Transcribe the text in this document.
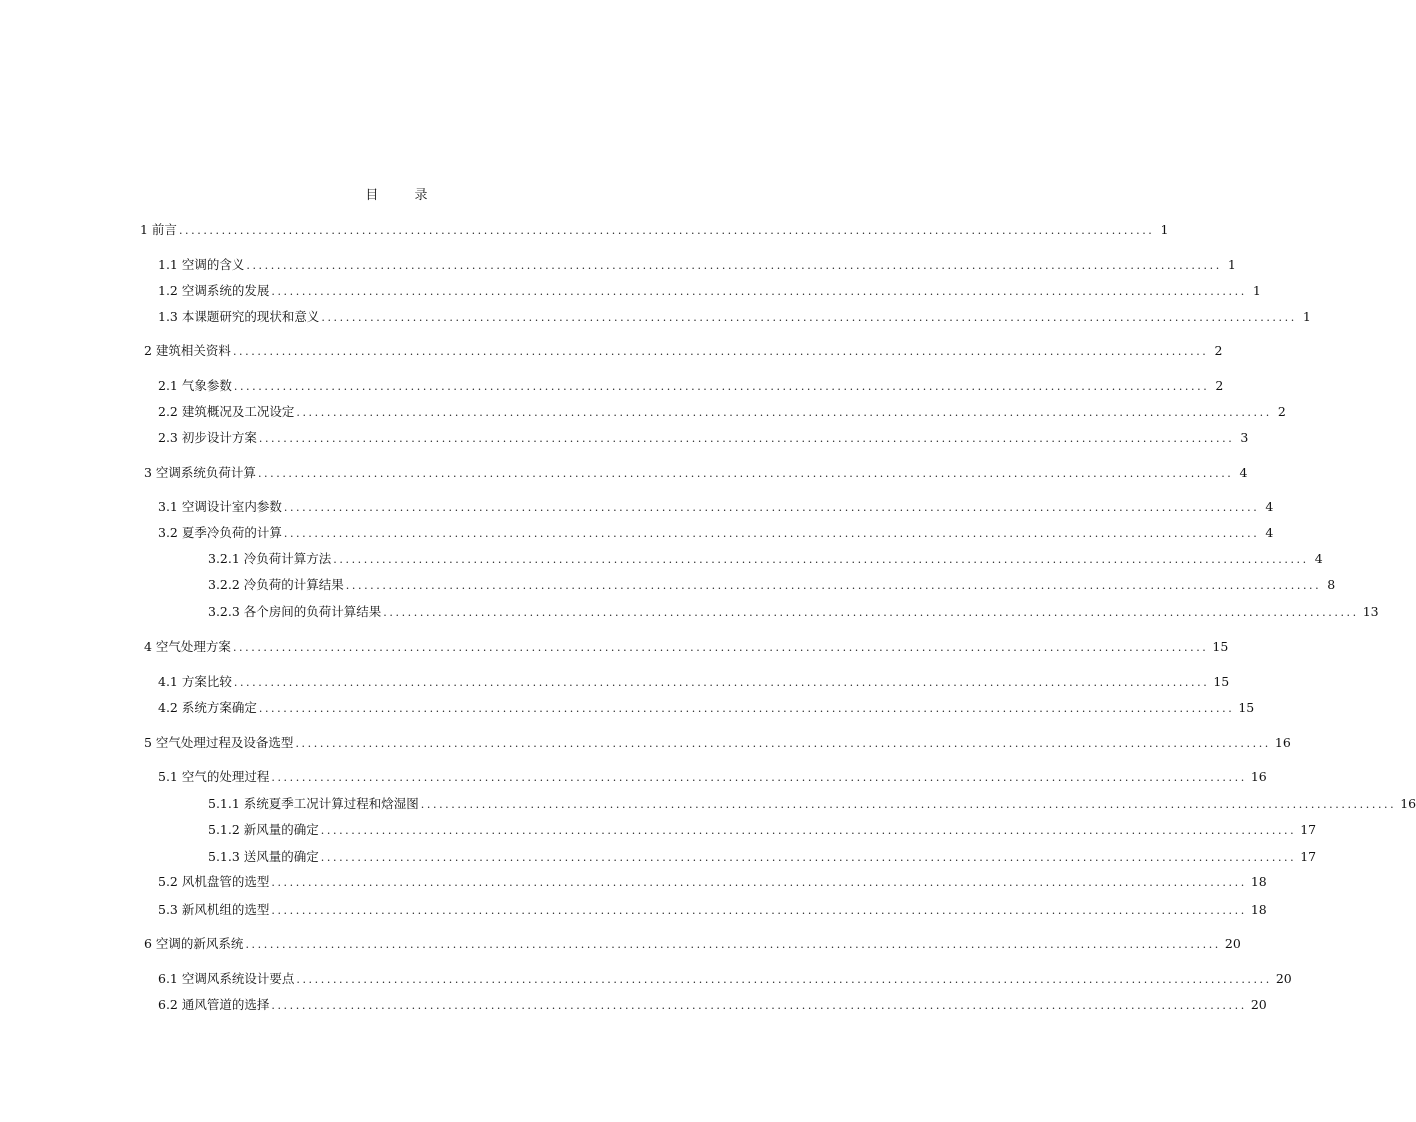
目 录
1 前言 ................................................................................................................................................................ 1
1.1 空调的含义 ................................................................................................................................................................ 1
1.2 空调系统的发展 ................................................................................................................................................................ 1
1.3 本课题研究的现状和意义 ................................................................................................................................................................ 1
2 建筑相关资料 ................................................................................................................................................................ 2
2.1 气象参数 ................................................................................................................................................................ 2
2.2 建筑概况及工况设定 ................................................................................................................................................................ 2
2.3 初步设计方案 ................................................................................................................................................................ 3
3 空调系统负荷计算 ................................................................................................................................................................ 4
3.1 空调设计室内参数 ................................................................................................................................................................ 4
3.2 夏季冷负荷的计算 ................................................................................................................................................................ 4
3.2.1 冷负荷计算方法 ................................................................................................................................................................ 4
3.2.2 冷负荷的计算结果 ................................................................................................................................................................ 8
3.2.3 各个房间的负荷计算结果 ................................................................................................................................................................ 13
4 空气处理方案 ................................................................................................................................................................ 15
4.1 方案比较 ................................................................................................................................................................ 15
4.2 系统方案确定 ................................................................................................................................................................ 15
5 空气处理过程及设备选型 ................................................................................................................................................................ 16
5.1 空气的处理过程 ................................................................................................................................................................ 16
5.1.1 系统夏季工况计算过程和焓湿图 ................................................................................................................................................................ 16
5.1.2 新风量的确定 ................................................................................................................................................................ 17
5.1.3 送风量的确定 ................................................................................................................................................................ 17
5.2 风机盘管的选型 ................................................................................................................................................................ 18
5.3 新风机组的选型 ................................................................................................................................................................ 18
6 空调的新风系统 ................................................................................................................................................................ 20
6.1 空调风系统设计要点 ................................................................................................................................................................ 20
6.2 通风管道的选择 ................................................................................................................................................................ 20
